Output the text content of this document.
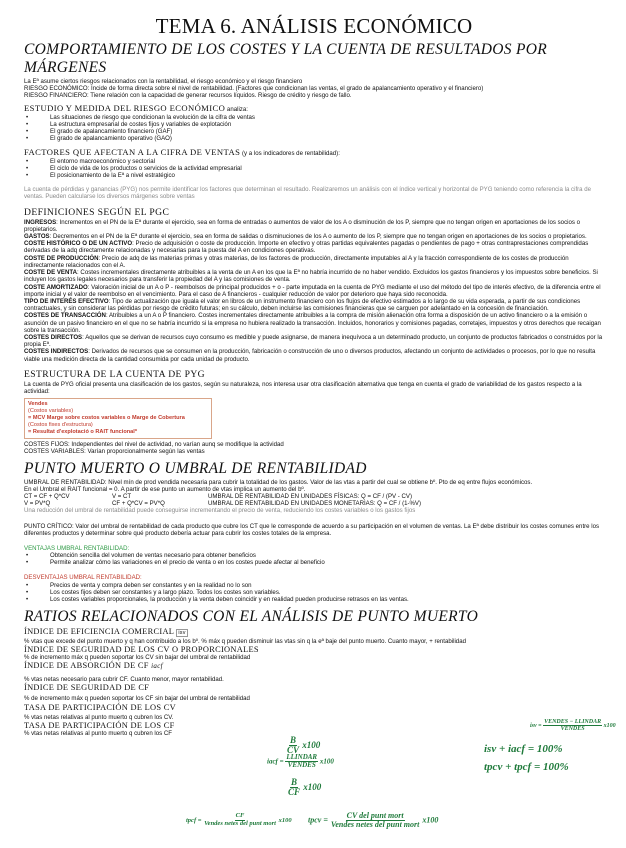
TEMA 6. ANÁLISIS ECONÓMICO
COMPORTAMIENTO DE LOS COSTES Y LA CUENTA DE RESULTADOS POR MÁRGENES

La Eª asume ciertos riesgos relacionados con la rentabilidad, el riesgo económico y el riesgo financiero

RIESGO ECONÓMICO: Incide de forma directa sobre el nivel de rentabilidad. (Factores que condicionan las ventas, el grado de apalancamiento operativo y el financiero)

RIESGO FINANCIERO: Tiene relación con la capacidad de generar recursos líquidos. Riesgo de crédito y riesgo de fallo.

ESTUDIO Y MEDIDA DEL RIESGO ECONÓMICO analiza:
• Las situaciones de riesgo que condicionan la evolución de la cifra de ventas
• La estructura empresarial de costes fijos y variables de explotación
• El grado de apalancamiento financiero (GAF)
• El grado de apalancamiento operativo (GAO)
FACTORES QUE AFECTAN A LA CIFRA DE VENTAS (y a los indicadores de rentabilidad):
• El entorno macroeconómico y sectorial
• El ciclo de vida de los productos o servicios de la actividad empresarial
• El posicionamiento de la Eª a nivel estratégico

La cuenta de pérdidas y ganancias (PYG) nos permite identificar los factores que determinan el resultado. Realizaremos un análisis con el índice vertical y horizontal de PYG teniendo como referencia la cifra de ventas. Pueden calcularse los diversos márgenes sobre ventas

DEFINICIONES SEGÚN EL PGC

INGRESOS: Incrementos en el PN de la Eª durante el ejercicio, sea en forma de entradas o aumentos de valor de los A o disminución de los P, siempre que no tengan origen en aportaciones de los socios o propietarios.

GASTOS: Decrementos en el PN de la Eª durante el ejercicio, sea en forma de salidas o disminuciones de los A o aumento de los P, siempre que no tengan origen en aportaciones de los socios o propietarios.

COSTE HISTÓRICO O DE UN ACTIVO: Precio de adquisición o coste de producción. Importe en efectivo y otras partidas equivalentes pagadas o pendientes de pago + otras contraprestaciones comprendidas derivadas de la adq directamente relacionadas y necesarias para la puesta del A en condiciones operativas.

COSTE DE PRODUCCIÓN: Precio de adq de las materias primas y otras materias, de los factores de producción, directamente imputables al A y la fracción correspondiente de los costes de producción indirectamente relacionados con el A.

COSTE DE VENTA: Costes incrementales directamente atribuibles a la venta de un A en los que la Eª no habría incurrido de no haber vendido. Excluidos los gastos financieros y los impuestos sobre beneficios. Si incluyen los gastos legales necesarios para transferir la propiedad del A y las comisiones de venta.

COSTE AMORTIZADO: Valoración inicial de un A o P - reembolsos de principal producidos + o - parte imputada en la cuenta de PYG mediante el uso del método del tipo de interés efectivo, de la diferencia entre el importe inicial y el valor de reembolso en el vencimiento. Para el caso de A financieros - cualquier reducción de valor por deterioro que haya sido reconocida.

TIPO DE INTERÉS EFECTIVO: Tipo de actualización que iguala el valor en libros de un instrumento financiero con los flujos de efectivo estimados a lo largo de su vida esperada, a partir de sus condiciones contractuales, y sin considerar las pérdidas por riesgo de crédito futuras; en su cálculo, deben incluirse las comisiones financieras que se carguen por adelantado en la concesión de financiación.

COSTES DE TRANSACCIÓN: Atribuibles a un A o P financiero. Costes incrementales directamente atribuibles a la compra de misión alienación otra forma a disposición de un activo financiero o a la emisión o asunción de un pasivo financiero en el que no se habría incurrido si la empresa no hubiera realizado la transacción. Incluidos, honorarios y comisiones pagadas, corretajes, impuestos y otros derechos que recaigan sobre la transacción.

COSTES DIRECTOS: Aquellos que se derivan de recursos cuyo consumo es medible y puede asignarse, de manera inequívoca a un determinado producto, un conjunto de productos fabricados o construidos por la propia Eª.

COSTES INDIRECTOS: Derivados de recursos que se consumen en la producción, fabricación o construcción de uno o diversos productos, afectando un conjunto de actividades o procesos, por lo que no resulta viable una medición directa de la cantidad consumida por cada unidad de producto.

ESTRUCTURA DE LA CUENTA DE PYG

La cuenta de PYG oficial presenta una clasificación de los gastos, según su naturaleza, nos interesa usar otra clasificación alternativa que tenga en cuenta el grado de variabilidad de los gastos respecto a la actividad:

Vendes
(Costos variables)
= MCV Marge sobre costos variables o Marge de Cobertura
(Costos fixes d'estructura)
= Resultat d'explotació o RAIT funcional*

COSTES FIJOS: Independientes del nivel de actividad, no varían aunq se modifique la actividad

COSTES VARIABLES: Varían proporcionalmente según las ventas

PUNTO MUERTO O UMBRAL DE RENTABILIDAD

UMBRAL DE RENTABILIDAD: Nivel mín de prod vendida necesaria para cubrir la totalidad de los gastos. Valor de las vtas a partir del cual se obtiene bº. Pto de eq entre flujos económicos.

En el Umbral el RAIT funcional = 0. A partir de ese punto un aumento de vtas implica un aumento del bº.

CT = CF + Q*CV	V = CT	UMBRAL DE RENTABILIDAD EN UNIDADES FÍSICAS: Q = CF / (PV - CV)
V = PV*Q	CF + Q*CV = PV*Q	UMBRAL DE RENTABILIDAD EN UNIDADES MONETARIAS: Q = CF / (1-%V)

Una reducción del umbral de rentabilidad puede conseguirse incrementando el precio de venta, reduciendo los costes variables o los gastos fijos

PUNTO CRÍTICO: Valor del umbral de rentabilidad de cada producto que cubre los CT que le corresponde de acuerdo a su participación en el volumen de ventas. La Eª debe distribuir los costes comunes entre los diferentes productos y determinar sobre qué producto debería actuar para cubrir los costes totales de la empresa.

VENTAJAS UMBRAL RENTABILIDAD:

• Obtención sencilla del volumen de ventas necesario para obtener beneficios
• Permite analizar cómo las variaciones en el precio de venta o en los costes puede afectar al beneficio

DESVENTAJAS UMBRAL RENTABILIDAD:

• Precios de venta y compra deben ser constantes y en la realidad no lo son
• Los costes fijos deben ser constantes y a largo plazo. Todos los costes son variables.
• Los costes variables proporcionales, la producción y la venta deben coincidir y en realidad pueden producirse retrasos en las ventas.
RATIOS RELACIONADOS CON EL ANÁLISIS DE PUNTO MUERTO
ÍNDICE DE EFICIENCIA COMERCIAL isv

% vtas que excede del punto muerto y q han contribuido a los bº. % máx q pueden disminuir las vtas sin q la eª baje del punto muerto. Cuanto mayor, + rentabilidad

ÍNDICE DE SEGURIDAD DE LOS CV O PROPORCIONALES

% de incremento máx q pueden soportar los CV sin bajar del umbral de rentabilidad

ÍNDICE DE ABSORCIÓN DE CF iacf

% vtas netas necesario para cubrir CF. Cuanto menor, mayor rentabilidad.

ÍNDICE DE SEGURIDAD DE CF

% de incremento máx q pueden soportar los CF sin bajar del umbral de rentabilidad

TASA DE PARTICIPACIÓN DE LOS CV

% vtas netas relativas al punto muerto q cubren los CV.

TASA DE PARTICIPACIÓN DE LOS CF

% vtas netas relativas al punto muerto q cubren los CF

isv = $\frac{\text{VENDES − LLINDAR}}{\text{VENDES}} x100$
$\frac{B}{CV} x100$
iacf = $\frac{\text{LLINDAR}}{\text{VENDES}} x100$
isv + iacf = 100%
tpcv + tpcf = 100%
$\frac{B}{CF} x100$
tpcf = $\frac{CF}{\text{Vendes netes del punt mort}} x100$ tpcv = $\frac{\text{CV del punt mort}}{\text{Vendes netes del punt mort}} x100$
